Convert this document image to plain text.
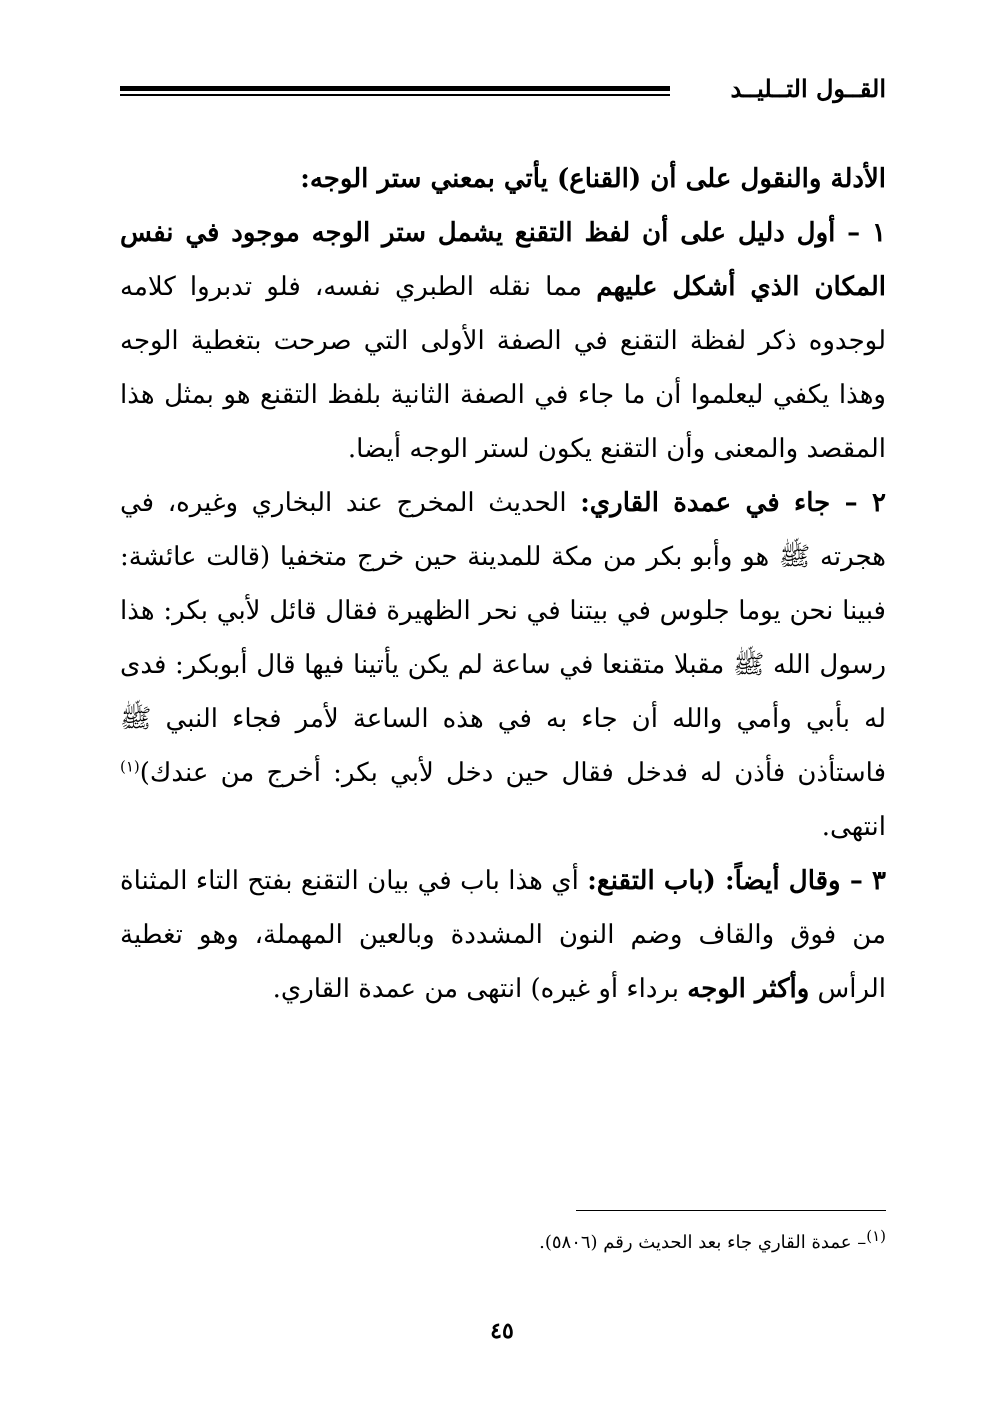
القــول التــليــد

الأدلة والنقول على أن (القناع) يأتي بمعني ستر الوجه:

١ – أول دليل على أن لفظ التقنع يشمل ستر الوجه موجود في نفس المكان الذي أشكل عليهم مما نقله الطبري نفسه، فلو تدبروا كلامه لوجدوه ذكر لفظة التقنع في الصفة الأولى التي صرحت بتغطية الوجه وهذا يكفي ليعلموا أن ما جاء في الصفة الثانية بلفظ التقنع هو بمثل هذا المقصد والمعنى وأن التقنع يكون لستر الوجه أيضا.

٢ – جاء في عمدة القاري: الحديث المخرج عند البخاري وغيره، في هجرته ﷺ هو وأبو بكر من مكة للمدينة حين خرج متخفيا (قالت عائشة: فبينا نحن يوما جلوس في بيتنا في نحر الظهيرة فقال قائل لأبي بكر: هذا رسول الله ﷺ مقبلا متقنعا في ساعة لم يكن يأتينا فيها قال أبوبكر: فدى له بأبي وأمي والله أن جاء به في هذه الساعة لأمر فجاء النبي ﷺ فاستأذن فأذن له فدخل فقال حين دخل لأبي بكر: أخرج من عندك)$^{(١)}$ انتهى.

٣ – وقال أيضاً: (باب التقنع: أي هذا باب في بيان التقنع بفتح التاء المثناة من فوق والقاف وضم النون المشددة وبالعين المهملة، وهو تغطية الرأس وأكثر الوجه برداء أو غيره) انتهى من عمدة القاري.

$^{(١)}$– عمدة القاري جاء بعد الحديث رقم (٥٨٠٦).
٤٥
